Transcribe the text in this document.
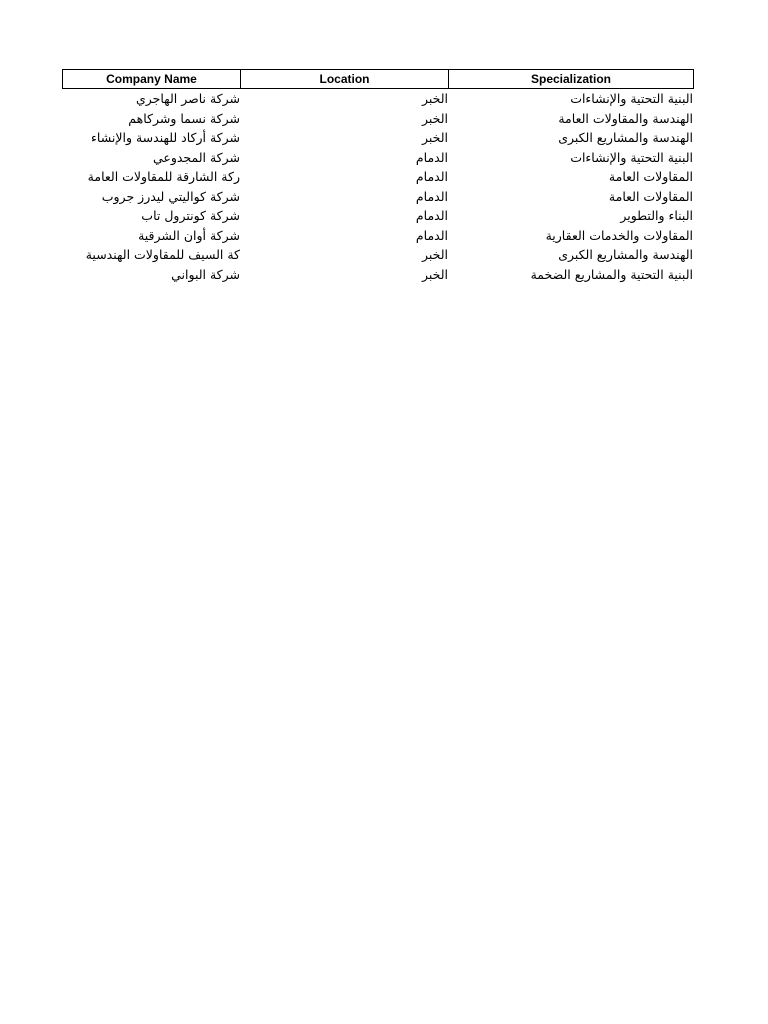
Company Name	Location	Specialization
شركة ناصر الهاجري	الخبر	البنية التحتية والإنشاءات
شركة نسما وشركاهم	الخبر	الهندسة والمقاولات العامة
شركة أركاد للهندسة والإنشاء	الخبر	الهندسة والمشاريع الكبرى
شركة المجدوعي	الدمام	البنية التحتية والإنشاءات
ركة الشارقة للمقاولات العامة	الدمام	المقاولات العامة
شركة كواليتي ليدرز جروب	الدمام	المقاولات العامة
شركة كونترول تاب	الدمام	البناء والتطوير
شركة أوان الشرقية	الدمام	المقاولات والخدمات العقارية
كة السيف للمقاولات الهندسية	الخبر	الهندسة والمشاريع الكبرى
شركة البواني	الخبر	البنية التحتية والمشاريع الضخمة
